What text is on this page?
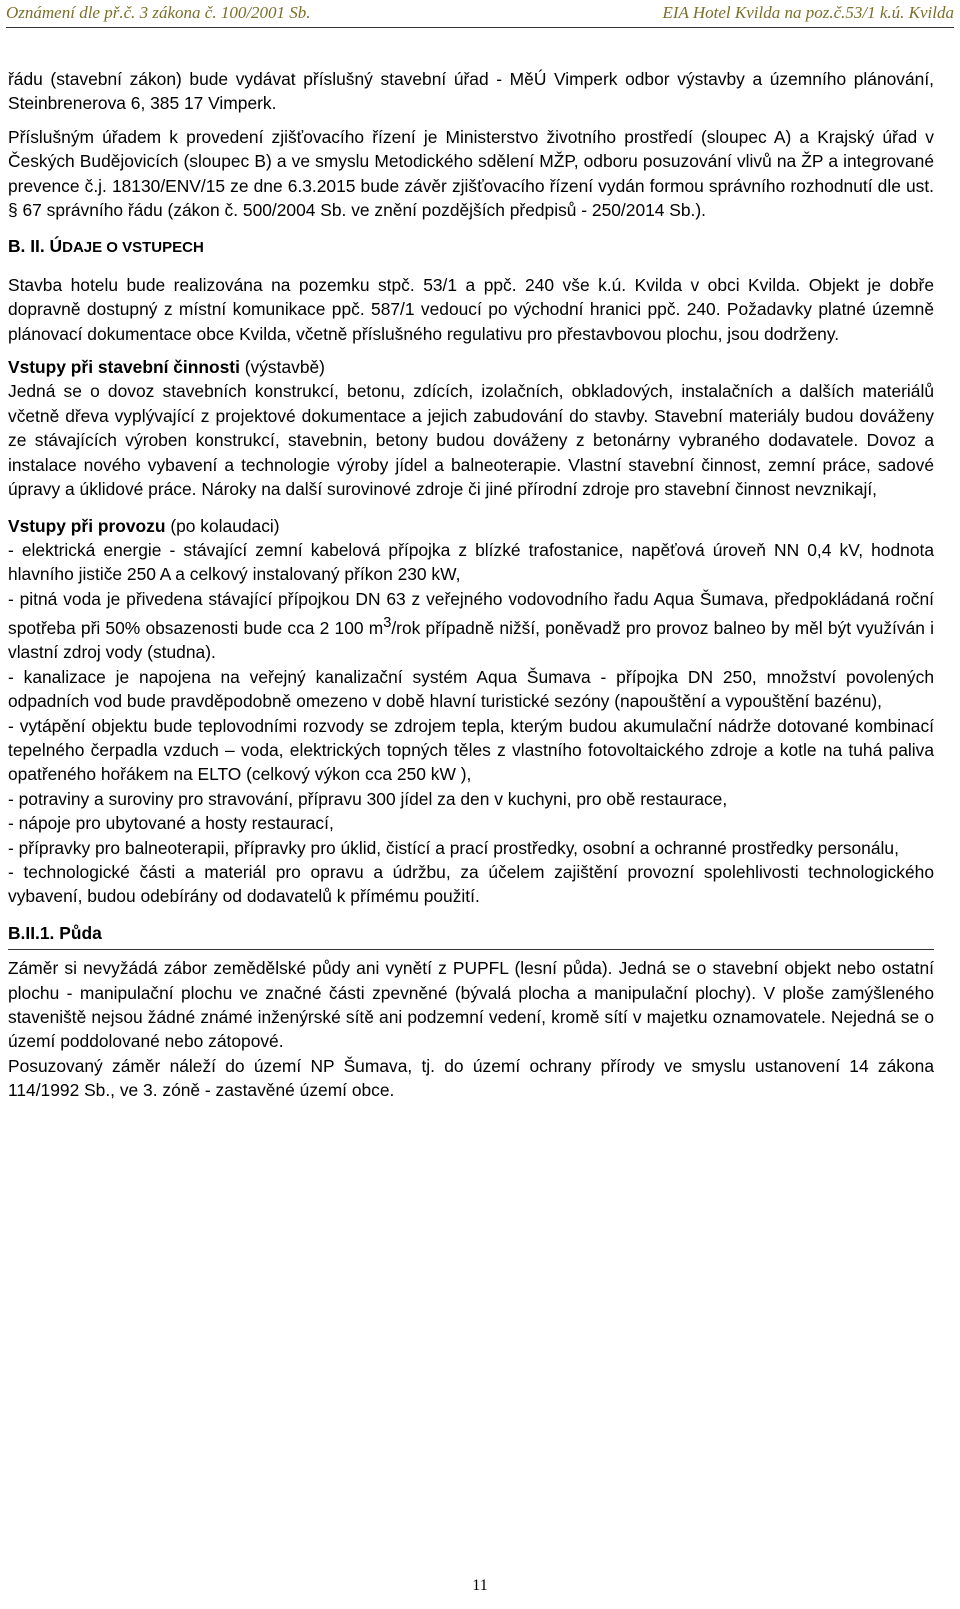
Oznámení dle př.č. 3 zákona č. 100/2001 Sb.	EIA Hotel Kvilda na poz.č.53/1 k.ú. Kvilda

řádu (stavební zákon) bude vydávat příslušný stavební úřad - MěÚ Vimperk odbor výstavby a územního plánování, Steinbrenerova 6, 385 17 Vimperk.

Příslušným úřadem k provedení zjišťovacího řízení je Ministerstvo životního prostředí (sloupec A) a Krajský úřad v Českých Budějovicích (sloupec B) a ve smyslu Metodického sdělení MŽP, odboru posuzování vlivů na ŽP a integrované prevence č.j. 18130/ENV/15 ze dne 6.3.2015 bude závěr zjišťovacího řízení vydán formou správního rozhodnutí dle ust. § 67 správního řádu (zákon č. 500/2004 Sb. ve znění pozdějších předpisů - 250/2014 Sb.).

B. II. ÚDAJE O VSTUPECH

Stavba hotelu bude realizována na pozemku stpč. 53/1 a ppč. 240 vše k.ú. Kvilda v obci Kvilda. Objekt je dobře dopravně dostupný z místní komunikace ppč. 587/1 vedoucí po východní hranici ppč. 240. Požadavky platné územně plánovací dokumentace obce Kvilda, včetně příslušného regulativu pro přestavbovou plochu, jsou dodrženy.

Vstupy při stavební činnosti (výstavbě)

Jedná se o dovoz stavebních konstrukcí, betonu, zdících, izolačních, obkladových, instalačních a dalších materiálů včetně dřeva vyplývající z projektové dokumentace a jejich zabudování do stavby. Stavební materiály budou dováženy ze stávajících výroben konstrukcí, stavebnin, betony budou dováženy z betonárny vybraného dodavatele. Dovoz a instalace nového vybavení a technologie výroby jídel a balneoterapie. Vlastní stavební činnost, zemní práce, sadové úpravy a úklidové práce. Nároky na další surovinové zdroje či jiné přírodní zdroje pro stavební činnost nevznikají,

Vstupy při provozu (po kolaudaci)

- elektrická energie - stávající zemní kabelová přípojka z blízké trafostanice, napěťová úroveň NN 0,4 kV, hodnota hlavního jističe 250 A a celkový instalovaný příkon 230 kW,

- pitná voda je přivedena stávající přípojkou DN 63 z veřejného vodovodního řadu Aqua Šumava, předpokládaná roční spotřeba při 50% obsazenosti bude cca 2 100 $m^3$/rok případně nižší, poněvadž pro provoz balneo by měl být využíván i vlastní zdroj vody (studna).

- kanalizace je napojena na veřejný kanalizační systém Aqua Šumava - přípojka DN 250, množství povolených odpadních vod bude pravděpodobně omezeno v době hlavní turistické sezóny (napouštění a vypouštění bazénu),

- vytápění objektu bude teplovodními rozvody se zdrojem tepla, kterým budou akumulační nádrže dotované kombinací tepelného čerpadla vzduch – voda, elektrických topných těles z vlastního fotovoltaického zdroje a kotle na tuhá paliva opatřeného hořákem na ELTO (celkový výkon cca 250 kW ),

- potraviny a suroviny pro stravování, přípravu 300 jídel za den v kuchyni, pro obě restaurace,

- nápoje pro ubytované a hosty restaurací,

- přípravky pro balneoterapii, přípravky pro úklid, čistící a prací prostředky, osobní a ochranné prostředky personálu,

- technologické části a materiál pro opravu a údržbu, za účelem zajištění provozní spolehlivosti technologického vybavení, budou odebírány od dodavatelů k přímému použití.

B.II.1. Půda

Záměr si nevyžádá zábor zemědělské půdy ani vynětí z PUPFL (lesní půda). Jedná se o stavební objekt nebo ostatní plochu - manipulační plochu ve značné části zpevněné (bývalá plocha a manipulační plochy). V ploše zamýšleného staveniště nejsou žádné známé inženýrské sítě ani podzemní vedení, kromě sítí v majetku oznamovatele. Nejedná se o území poddolované nebo zátopové.

Posuzovaný záměr náleží do území NP Šumava, tj. do území ochrany přírody ve smyslu ustanovení 14 zákona 114/1992 Sb., ve 3. zóně - zastavěné území obce.

11
